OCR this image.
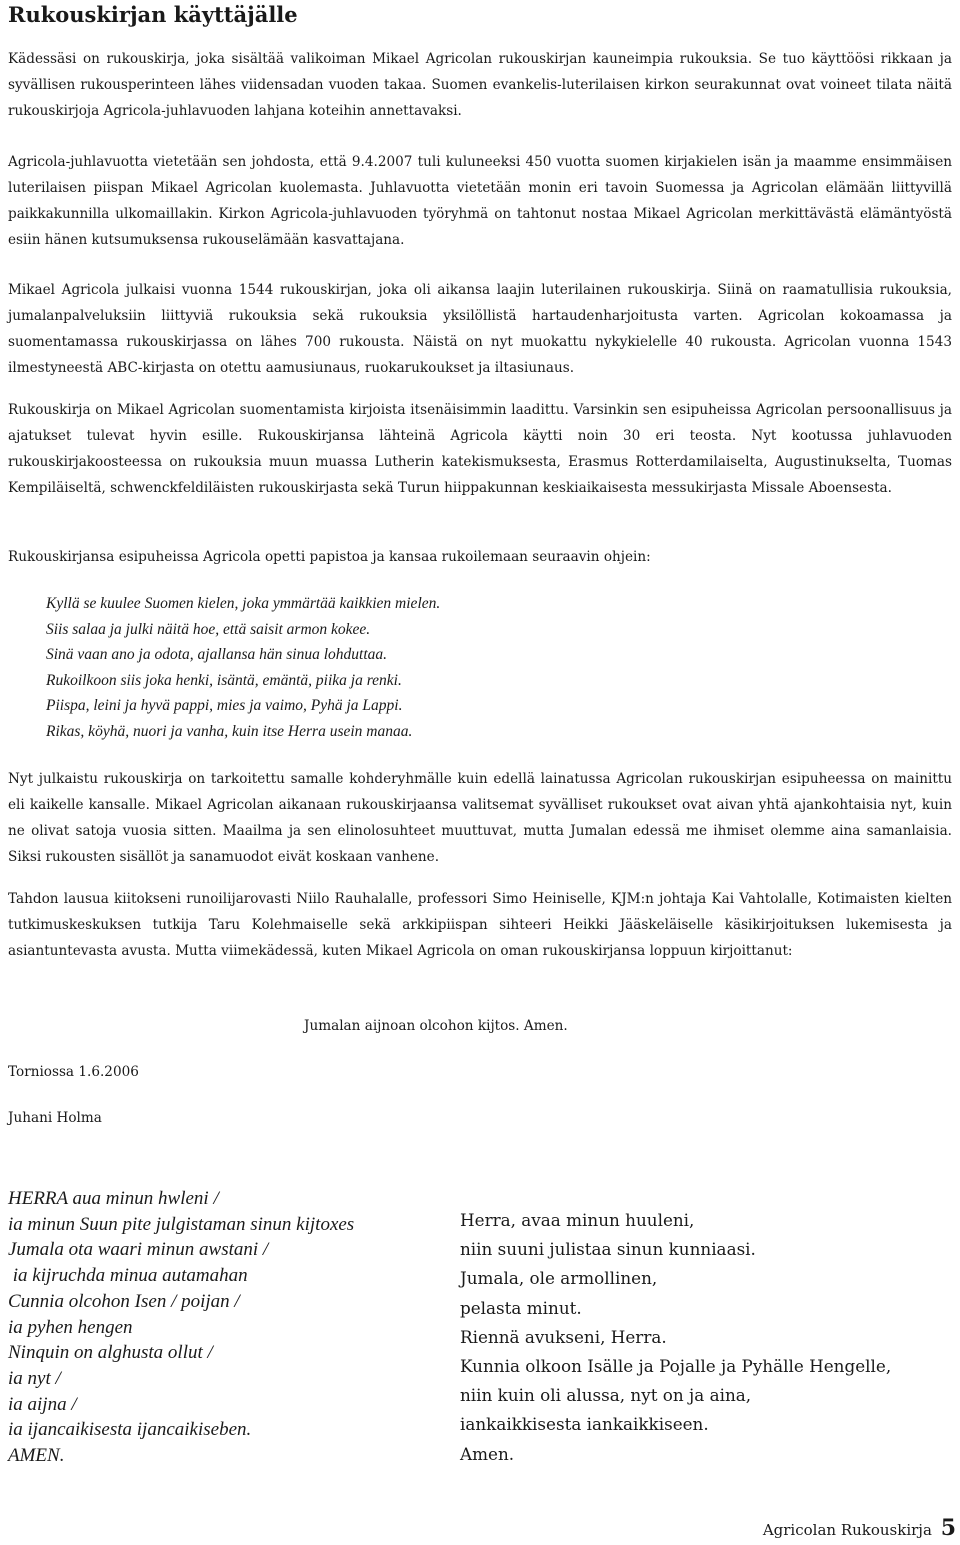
Rukouskirjan käyttäjälle

Kädessäsi on rukouskirja, joka sisältää valikoiman Mikael Agricolan rukouskirjan kauneimpia rukouksia. Se tuo käyttöösi rikkaan ja syvällisen rukousperinteen lähes viidensadan vuoden takaa. Suomen evankelis-luterilaisen kirkon seurakunnat ovat voineet tilata näitä rukouskirjoja Agricola-juhlavuoden lahjana koteihin annettavaksi.

Agricola-juhlavuotta vietetään sen johdosta, että 9.4.2007 tuli kuluneeksi 450 vuotta suomen kirjakielen isän ja maamme ensimmäisen luterilaisen piispan Mikael Agricolan kuolemasta. Juhlavuotta vietetään monin eri tavoin Suomessa ja Agricolan elämään liittyvillä paikkakunnilla ulkomaillakin. Kirkon Agricola-juhlavuoden työryhmä on tahtonut nostaa Mikael Agricolan merkittävästä elämäntyöstä esiin hänen kutsumuksensa rukouselämään kasvattajana.

Mikael Agricola julkaisi vuonna 1544 rukouskirjan, joka oli aikansa laajin luterilainen rukouskirja. Siinä on raamatullisia rukouksia, jumalanpalveluksiin liittyviä rukouksia sekä rukouksia yksilöllistä hartaudenharjoitusta varten. Agricolan kokoamassa ja suomentamassa rukouskirjassa on lähes 700 rukousta. Näistä on nyt muokattu nykykielelle 40 rukousta. Agricolan vuonna 1543 ilmestyneestä ABC-kirjasta on otettu aamusiunaus, ruokarukoukset ja iltasiunaus.

Rukouskirja on Mikael Agricolan suomentamista kirjoista itsenäisimmin laadittu. Varsinkin sen esipuheissa Agricolan persoonallisuus ja ajatukset tulevat hyvin esille. Rukouskirjansa lähteinä Agricola käytti noin 30 eri teosta. Nyt kootussa juhlavuoden rukouskirjakoosteessa on rukouksia muun muassa Lutherin katekismuksesta, Erasmus Rotterdamilaiselta, Augustinukselta, Tuomas Kempiläiseltä, schwenckfeldiläisten rukouskirjasta sekä Turun hiippakunnan keskiaikaisesta messukirjasta Missale Aboensesta.

Rukouskirjansa esipuheissa Agricola opetti papistoa ja kansaa rukoilemaan seuraavin ohjein:

Kyllä se kuulee Suomen kielen, joka ymmärtää kaikkien mielen.
Siis salaa ja julki näitä hoe, että saisit armon kokee.
Sinä vaan ano ja odota, ajallansa hän sinua lohduttaa.
Rukoilkoon siis joka henki, isäntä, emäntä, piika ja renki.
Piispa, leini ja hyvä pappi, mies ja vaimo, Pyhä ja Lappi.
Rikas, köyhä, nuori ja vanha, kuin itse Herra usein manaa.

Nyt julkaistu rukouskirja on tarkoitettu samalle kohderyhmälle kuin edellä lainatussa Agricolan rukouskirjan esipuheessa on mainittu eli kaikelle kansalle. Mikael Agricolan aikanaan rukouskirjaansa valitsemat syvälliset rukoukset ovat aivan yhtä ajankohtaisia nyt, kuin ne olivat satoja vuosia sitten. Maailma ja sen elinolosuhteet muuttuvat, mutta Jumalan edessä me ihmiset olemme aina samanlaisia. Siksi rukousten sisällöt ja sanamuodot eivät koskaan vanhene.

Tahdon lausua kiitokseni runoilijarovasti Niilo Rauhalalle, professori Simo Heiniselle, KJM:n johtaja Kai Vahtolalle, Kotimaisten kielten tutkimuskeskuksen tutkija Taru Kolehmaiselle sekä arkkipiispan sihteeri Heikki Jääskeläiselle käsikirjoituksen lukemisesta ja asiantuntevasta avusta. Mutta viimekädessä, kuten Mikael Agricola on oman rukouskirjansa loppuun kirjoittanut:

Jumalan aijnoan olcohon kijtos. Amen.
Torniossa 1.6.2006
Juhani Holma
HERRA aua minun hwleni /
ia minun Suun pite julgistaman sinun kijtoxes
Jumala ota waari minun awstani /
ia kijruchda minua autamahan
Cunnia olcohon Isen / poijan /
ia pyhen hengen
Ninquin on alghusta ollut /
ia nyt /
ia aijna /
ia ijancaikisesta ijancaikiseben.
AMEN.
Herra, avaa minun huuleni,
niin suuni julistaa sinun kunniaasi.
Jumala, ole armollinen,
pelasta minut.
Riennä avukseni, Herra.
Kunnia olkoon Isälle ja Pojalle ja Pyhälle Hengelle,
niin kuin oli alussa, nyt on ja aina,
iankaikkisesta iankaikkiseen.
Amen.
Agricolan Rukouskirja 5
